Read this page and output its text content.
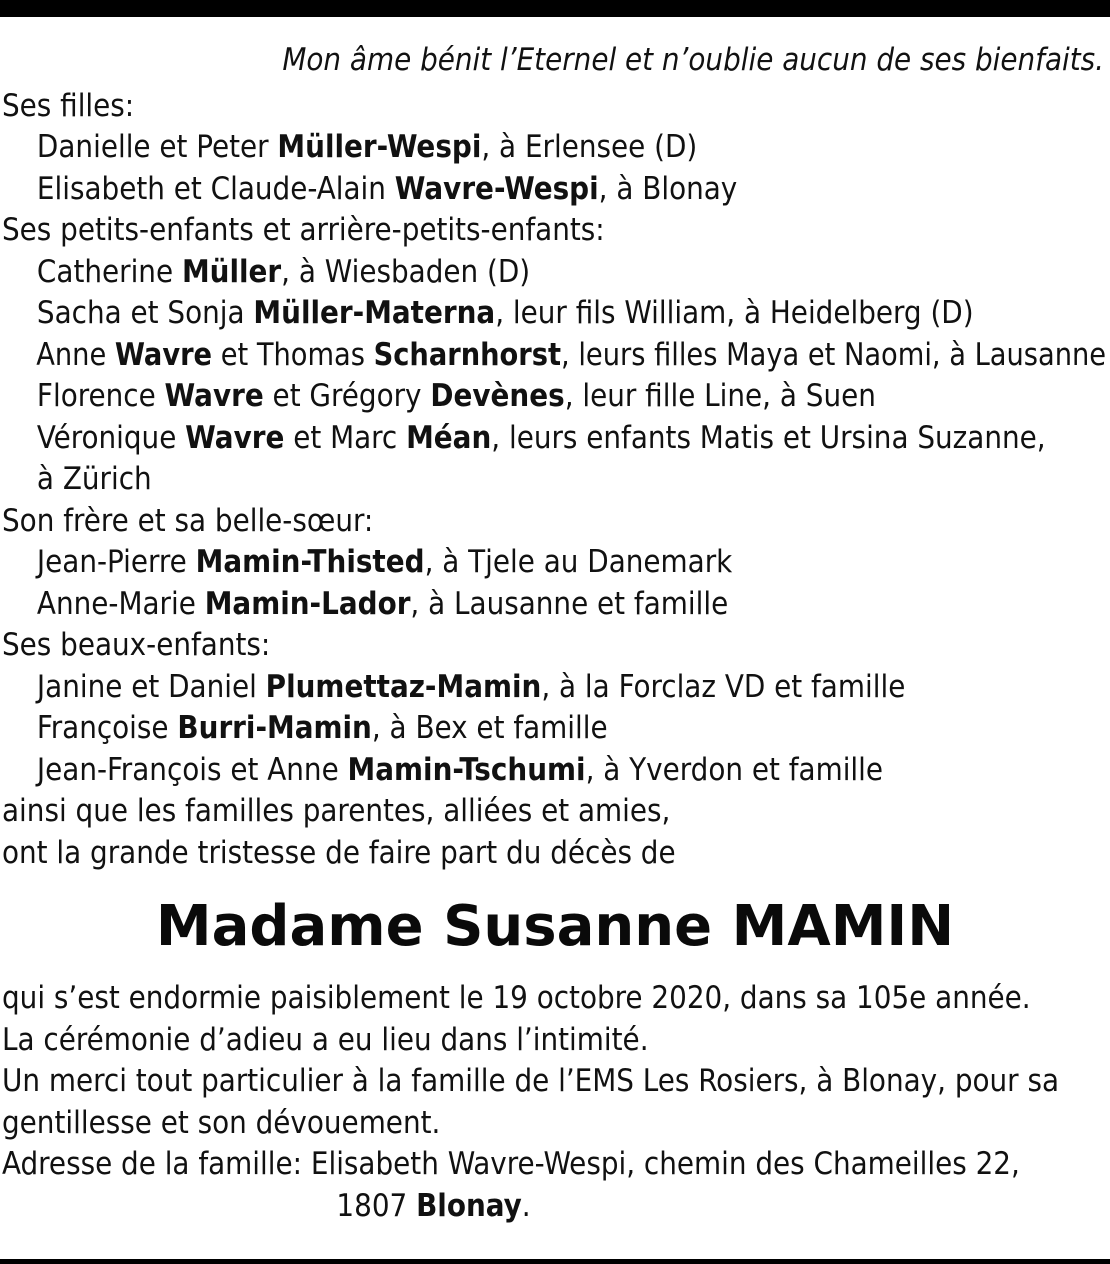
Mon âme bénit l’Eternel et n’oublie aucun de ses bienfaits.
Ses filles:
Danielle et Peter Müller-Wespi, à Erlensee (D)
Elisabeth et Claude-Alain Wavre-Wespi, à Blonay
Ses petits-enfants et arrière-petits-enfants:
Catherine Müller, à Wiesbaden (D)
Sacha et Sonja Müller-Materna, leur fils William, à Heidelberg (D)
Anne Wavre et Thomas Scharnhorst, leurs filles Maya et Naomi, à Lausanne
Florence Wavre et Grégory Devènes, leur fille Line, à Suen
Véronique Wavre et Marc Méan, leurs enfants Matis et Ursina Suzanne,
à Zürich
Son frère et sa belle-sœur:
Jean-Pierre Mamin-Thisted, à Tjele au Danemark
Anne-Marie Mamin-Lador, à Lausanne et famille
Ses beaux-enfants:
Janine et Daniel Plumettaz-Mamin, à la Forclaz VD et famille
Françoise Burri-Mamin, à Bex et famille
Jean-François et Anne Mamin-Tschumi, à Yverdon et famille
ainsi que les familles parentes, alliées et amies,
ont la grande tristesse de faire part du décès de
Madame Susanne MAMIN
qui s’est endormie paisiblement le 19 octobre 2020, dans sa 105e année.
La cérémonie d’adieu a eu lieu dans l’intimité.
Un merci tout particulier à la famille de l’EMS Les Rosiers, à Blonay, pour sa
gentillesse et son dévouement.
Adresse de la famille: Elisabeth Wavre-Wespi, chemin des Chameilles 22,
1807 Blonay.
